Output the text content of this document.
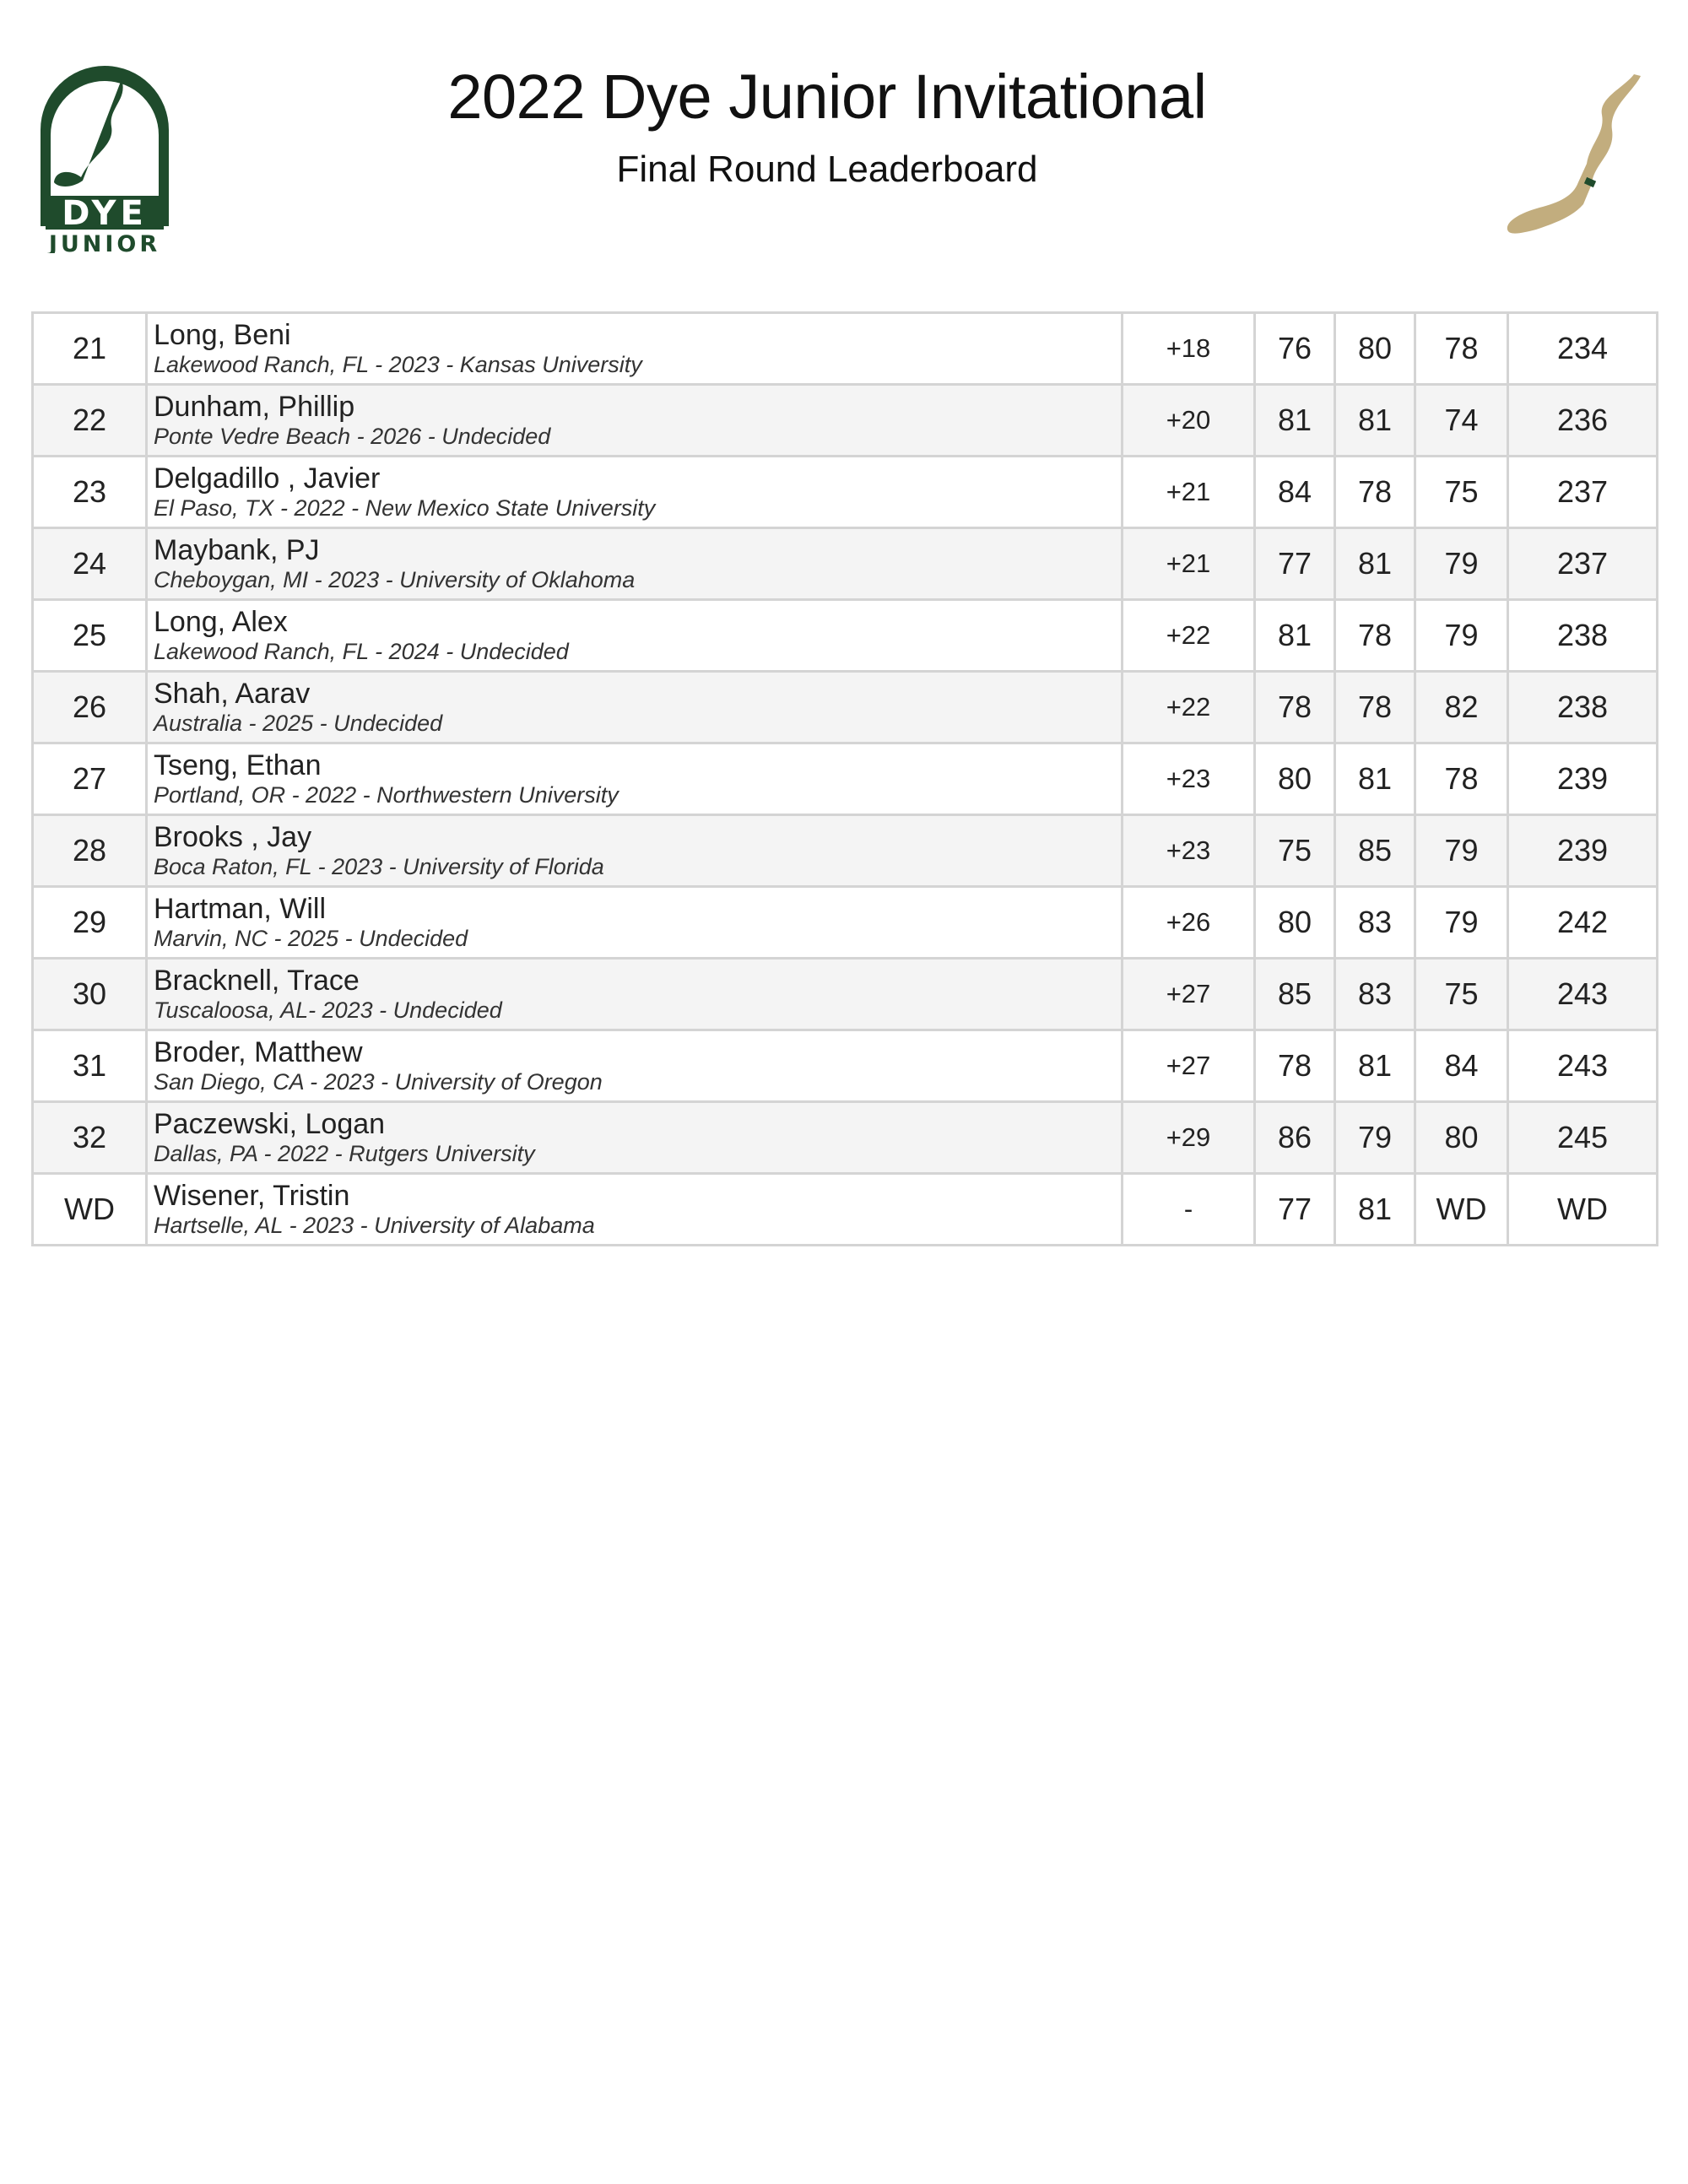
DYE
JUNIOR
2022 Dye Junior Invitational
Final Round Leaderboard
21	Long, Beni
Lakewood Ranch, FL - 2023 - Kansas University	+18	76	80	78	234
22	Dunham, Phillip
Ponte Vedre Beach - 2026 - Undecided	+20	81	81	74	236
23	Delgadillo , Javier
El Paso, TX - 2022 - New Mexico State University	+21	84	78	75	237
24	Maybank, PJ
Cheboygan, MI - 2023 - University of Oklahoma	+21	77	81	79	237
25	Long, Alex
Lakewood Ranch, FL - 2024 - Undecided	+22	81	78	79	238
26	Shah, Aarav
Australia - 2025 - Undecided	+22	78	78	82	238
27	Tseng, Ethan
Portland, OR - 2022 - Northwestern University	+23	80	81	78	239
28	Brooks , Jay
Boca Raton, FL - 2023 - University of Florida	+23	75	85	79	239
29	Hartman, Will
Marvin, NC - 2025 - Undecided	+26	80	83	79	242
30	Bracknell, Trace
Tuscaloosa, AL- 2023 - Undecided	+27	85	83	75	243
31	Broder, Matthew
San Diego, CA - 2023 - University of Oregon	+27	78	81	84	243
32	Paczewski, Logan
Dallas, PA - 2022 - Rutgers University	+29	86	79	80	245
WD	Wisener, Tristin
Hartselle, AL - 2023 - University of Alabama	-	77	81	WD	WD
